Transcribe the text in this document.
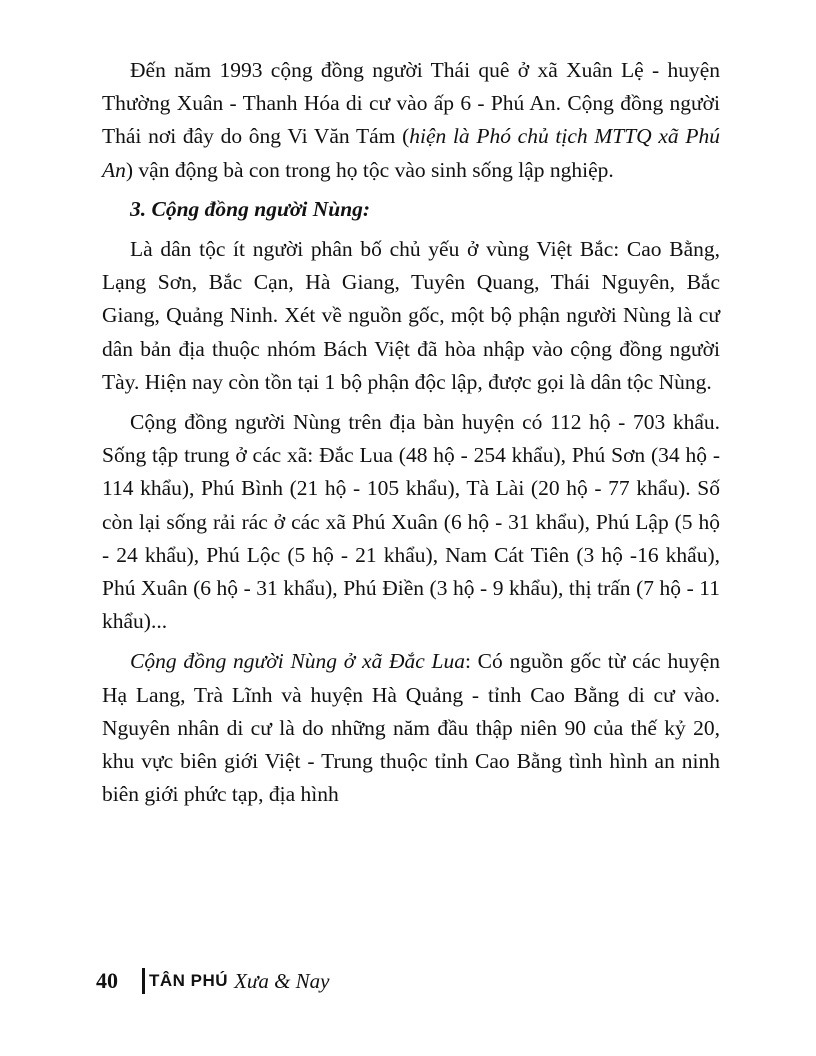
Đến năm 1993 cộng đồng người Thái quê ở xã Xuân Lệ - huyện Thường Xuân - Thanh Hóa di cư vào ấp 6 - Phú An. Cộng đồng người Thái nơi đây do ông Vi Văn Tám (hiện là Phó chủ tịch MTTQ xã Phú An) vận động bà con trong họ tộc vào sinh sống lập nghiệp.

3. Cộng đồng người Nùng:

Là dân tộc ít người phân bố chủ yếu ở vùng Việt Bắc: Cao Bằng, Lạng Sơn, Bắc Cạn, Hà Giang, Tuyên Quang, Thái Nguyên, Bắc Giang, Quảng Ninh. Xét về nguồn gốc, một bộ phận người Nùng là cư dân bản địa thuộc nhóm Bách Việt đã hòa nhập vào cộng đồng người Tày. Hiện nay còn tồn tại 1 bộ phận độc lập, được gọi là dân tộc Nùng.

Cộng đồng người Nùng trên địa bàn huyện có 112 hộ - 703 khẩu. Sống tập trung ở các xã: Đắc Lua (48 hộ - 254 khẩu), Phú Sơn (34 hộ - 114 khẩu), Phú Bình (21 hộ - 105 khẩu), Tà Lài (20 hộ - 77 khẩu). Số còn lại sống rải rác ở các xã Phú Xuân (6 hộ - 31 khẩu), Phú Lập (5 hộ - 24 khẩu), Phú Lộc (5 hộ - 21 khẩu), Nam Cát Tiên (3 hộ -16 khẩu), Phú Xuân (6 hộ - 31 khẩu), Phú Điền (3 hộ - 9 khẩu), thị trấn (7 hộ - 11 khẩu)...

Cộng đồng người Nùng ở xã Đắc Lua: Có nguồn gốc từ các huyện Hạ Lang, Trà Lĩnh và huyện Hà Quảng - tỉnh Cao Bằng di cư vào. Nguyên nhân di cư là do những năm đầu thập niên 90 của thế kỷ 20, khu vực biên giới Việt - Trung thuộc tỉnh Cao Bằng tình hình an ninh biên giới phức tạp, địa hình

40 TÂN PHÚ Xưa & Nay
